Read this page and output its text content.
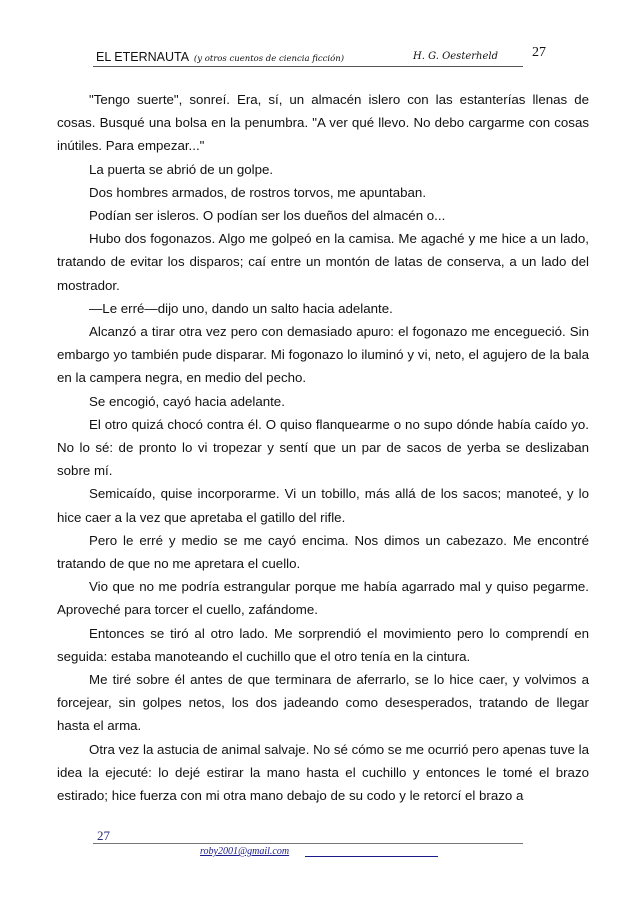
EL ETERNAUTA (y otros cuentos de ciencia ficción)	H. G. Oesterheld 27

"Tengo suerte", sonreí. Era, sí, un almacén islero con las estanterías llenas de cosas. Busqué una bolsa en la penumbra. "A ver qué llevo. No debo cargarme con cosas inútiles. Para empezar..."

La puerta se abrió de un golpe.

Dos hombres armados, de rostros torvos, me apuntaban.

Podían ser isleros. O podían ser los dueños del almacén o...

Hubo dos fogonazos. Algo me golpeó en la camisa. Me agaché y me hice a un lado, tratando de evitar los disparos; caí entre un montón de latas de conserva, a un lado del mostrador.

—Le erré—dijo uno, dando un salto hacia adelante.

Alcanzó a tirar otra vez pero con demasiado apuro: el fogonazo me encegueció. Sin embargo yo también pude disparar. Mi fogonazo lo iluminó y vi, neto, el agujero de la bala en la campera negra, en medio del pecho.

Se encogió, cayó hacia adelante.

El otro quizá chocó contra él. O quiso flanquearme o no supo dónde había caído yo. No lo sé: de pronto lo vi tropezar y sentí que un par de sacos de yerba se deslizaban sobre mí.

Semicaído, quise incorporarme. Vi un tobillo, más allá de los sacos; manoteé, y lo hice caer a la vez que apretaba el gatillo del rifle.

Pero le erré y medio se me cayó encima. Nos dimos un cabezazo. Me encontré tratando de que no me apretara el cuello.

Vio que no me podría estrangular porque me había agarrado mal y quiso pegarme. Aproveché para torcer el cuello, zafándome.

Entonces se tiró al otro lado. Me sorprendió el movimiento pero lo comprendí en seguida: estaba manoteando el cuchillo que el otro tenía en la cintura.

Me tiré sobre él antes de que terminara de aferrarlo, se lo hice caer, y volvimos a forcejear, sin golpes netos, los dos jadeando como desesperados, tratando de llegar hasta el arma.

Otra vez la astucia de animal salvaje. No sé cómo se me ocurrió pero apenas tuve la idea la ejecuté: lo dejé estirar la mano hasta el cuchillo y entonces le tomé el brazo estirado; hice fuerza con mi otra mano debajo de su codo y le retorcí el brazo a

27
roby2001@gmail.com
